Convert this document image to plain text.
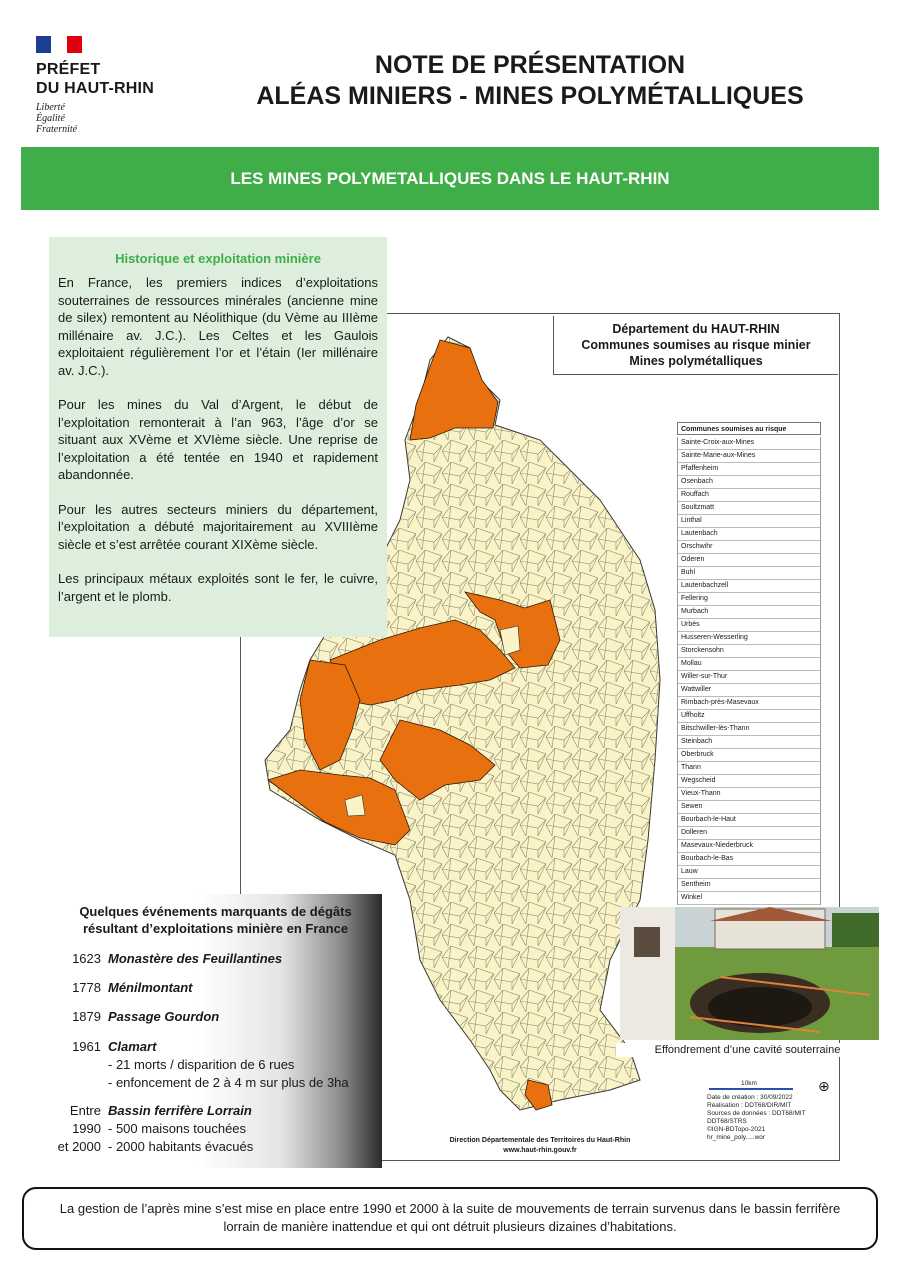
PRÉFET
DU HAUT-RHIN
Liberté
Égalité
Fraternité
NOTE DE PRÉSENTATION
ALÉAS MINIERS - MINES POLYMÉTALLIQUES
LES MINES POLYMETALLIQUES DANS LE HAUT-RHIN
Département du HAUT-RHIN
Communes soumises au risque minier
Mines polymétalliques
Communes soumises au risque
Sainte-Croix-aux-Mines
Sainte-Marie-aux-Mines
Pfaffenheim
Osenbach
Rouffach
Soultzmatt
Linthal
Lautenbach
Orschwihr
Oderen
Buhl
Lautenbachzell
Fellering
Murbach
Urbès
Husseren-Wesserling
Storckensohn
Mollau
Willer-sur-Thur
Wattwiller
Rimbach-près-Masevaux
Uffholtz
Bitschwiller-lès-Thann
Steinbach
Oberbruck
Thann
Wegscheid
Vieux-Thann
Sewen
Bourbach-le-Haut
Dolleren
Masevaux-Niederbruck
Bourbach-le-Bas
Lauw
Sentheim
Winkel
10km
Date de création : 30/09/2022
Réalisation : DDT68/DIR/MIT
Sources de données : DDT68/MIT
DDT68/STRS
©IGN-BDTopo-2021
hr_mine_poly.....wor
⊕
Direction Départementale des Territoires du Haut-Rhin
www.haut-rhin.gouv.fr
Historique et exploitation minière

En France, les premiers indices d’exploitations souterraines de ressources minérales (ancienne mine de silex) remontent au Néolithique (du Vème au IIIème millénaire av. J.C.). Les Celtes et les Gaulois exploitaient régulièrement l’or et l’étain (Ier millénaire av. J.C.).

Pour les mines du Val d’Argent, le début de l’exploitation remonterait à l’an 963, l’âge d’or se situant aux XVème et XVIème siècle. Une reprise de l’exploitation a été tentée en 1940 et rapidement abandonnée.

Pour les autres secteurs miniers du département, l’exploitation a débuté majoritairement au XVIIIème siècle et s’est arrêtée courant XIXème siècle.

Les principaux métaux exploités sont le fer, le cuivre, l’argent et le plomb.

Quelques événements marquants de dégâts
résultant d’exploitations minière en France
1623 Monastère des Feuillantines
1778 Ménilmontant
1879 Passage Gourdon
1961 Clamart
- 21 morts / disparition de 6 rues
- enfoncement de 2 à 4 m sur plus de 3ha
Entre
1990
et 2000
Bassin ferrifère Lorrain
- 500 maisons touchées
- 2000 habitants évacués
Effondrement d’une cavité souterraine
La gestion de l’après mine s’est mise en place entre 1990 et 2000 à la suite de mouvements de terrain survenus dans le bassin ferrifère lorrain de manière inattendue et qui ont détruit plusieurs dizaines d’habitations.
